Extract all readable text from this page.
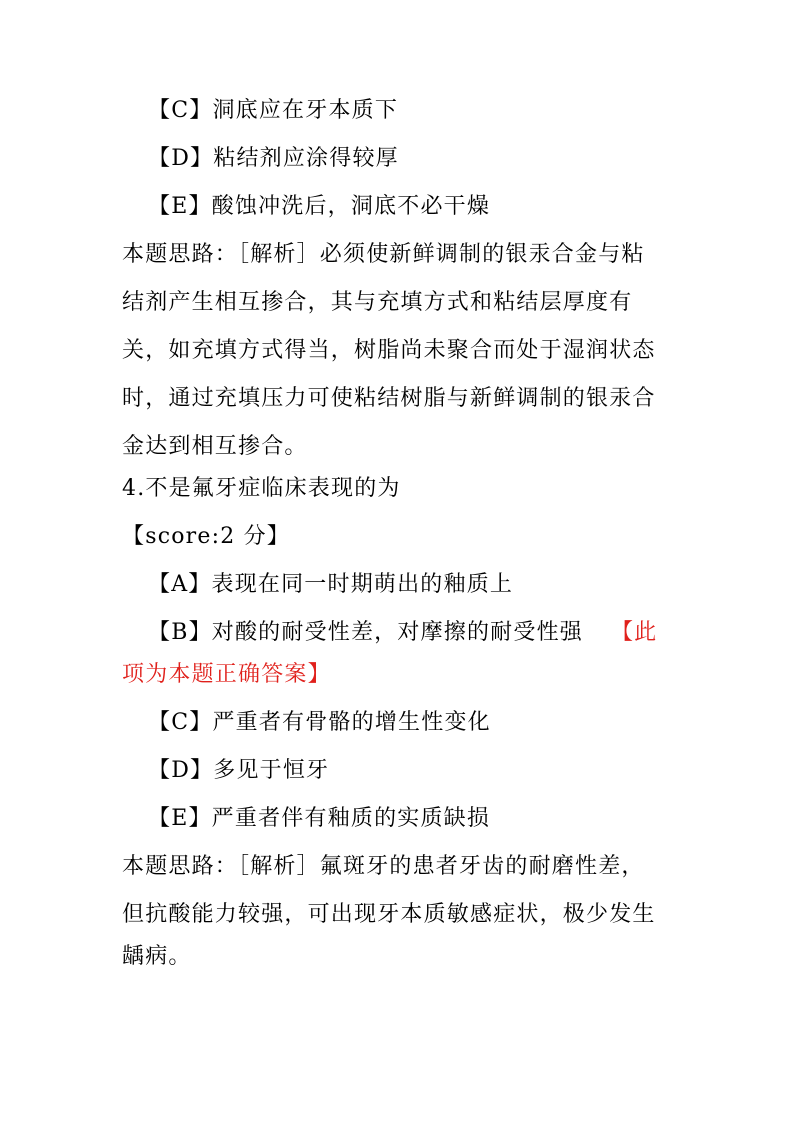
【C】洞底应在牙本质下
【D】粘结剂应涂得较厚
【E】酸蚀冲洗后，洞底不必干燥
本题思路：［解析］必须使新鲜调制的银汞合金与粘
结剂产生相互掺合，其与充填方式和粘结层厚度有
关，如充填方式得当，树脂尚未聚合而处于湿润状态
时，通过充填压力可使粘结树脂与新鲜调制的银汞合
金达到相互掺合。
4.不是氟牙症临床表现的为
【score:2 分】
【A】表现在同一时期萌出的釉质上
【B】对酸的耐受性差，对摩擦的耐受性强 【此
项为本题正确答案】
【C】严重者有骨骼的增生性变化
【D】多见于恒牙
【E】严重者伴有釉质的实质缺损
本题思路：［解析］氟斑牙的患者牙齿的耐磨性差，
但抗酸能力较强，可出现牙本质敏感症状，极少发生
龋病。
